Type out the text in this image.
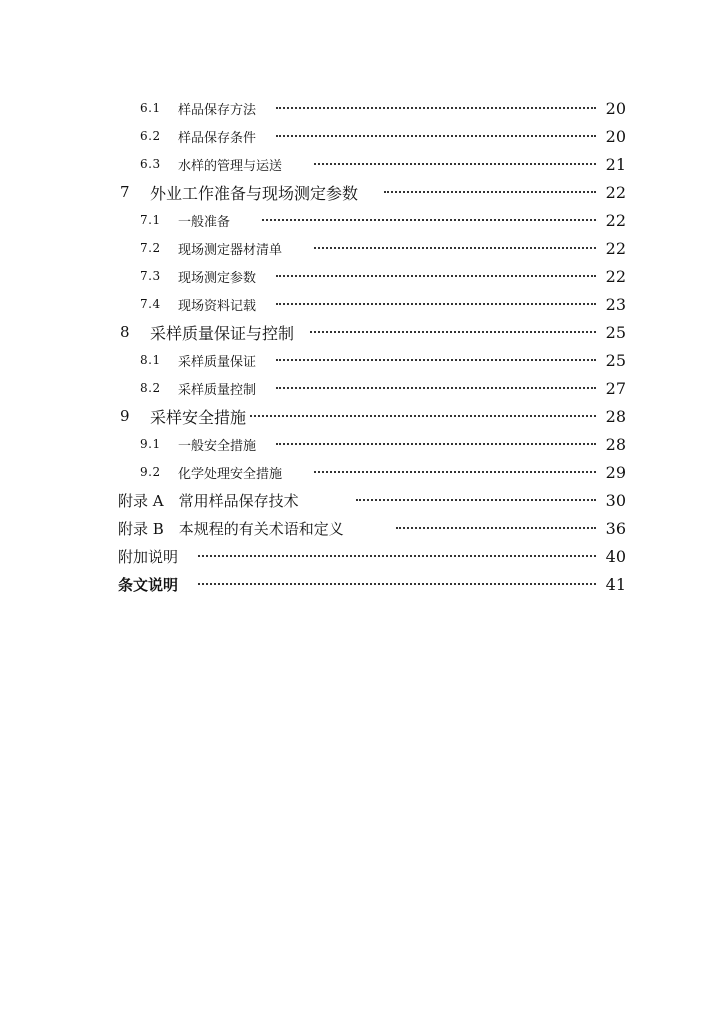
6.1	样品保存方法	20
6.2	样品保存条件	20
6.3	水样的管理与运送	21
7	外业工作准备与现场测定参数	22
7.1	一般准备	22
7.2	现场测定器材清单	22
7.3	现场测定参数	22
7.4	现场资料记载	23
8	采样质量保证与控制	25
8.1	采样质量保证	25
8.2	采样质量控制	27
9	采样安全措施	28
9.1	一般安全措施	28
9.2	化学处理安全措施	29
附录 A　常用样品保存技术	30
附录 B　本规程的有关术语和定义	36
附加说明	40
条文说明	41
